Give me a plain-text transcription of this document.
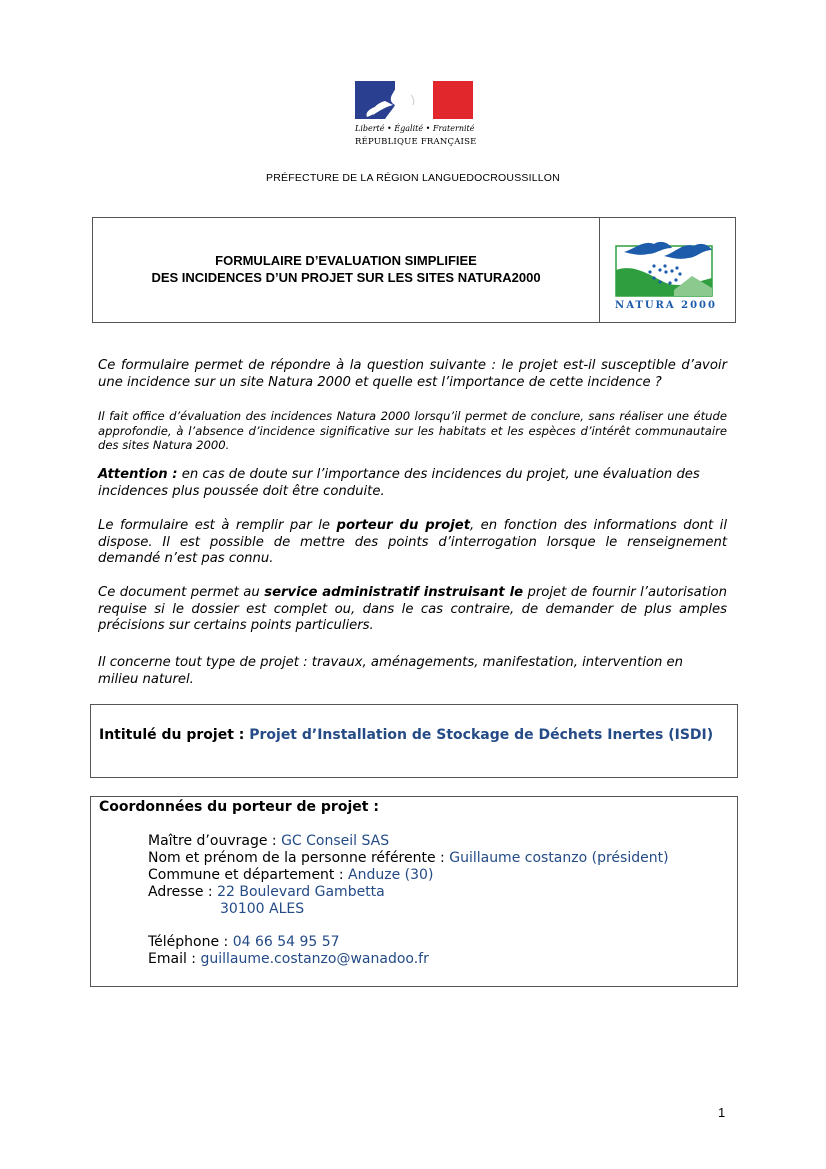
Liberté • Égalité • Fraternité
RÉPUBLIQUE FRANÇAISE
PRÉFECTURE DE LA RÉGION LANGUEDOCROUSSILLON
FORMULAIRE D’EVALUATION SIMPLIFIEE
DES INCIDENCES D’UN PROJET SUR LES SITES NATURA2000
NATURA 2000
Ce formulaire permet de répondre à la question suivante : le projet est-il susceptible d’avoir une incidence sur un site Natura 2000 et quelle est l’importance de cette incidence ?
Il fait office d’évaluation des incidences Natura 2000 lorsqu’il permet de conclure, sans réaliser une étude approfondie, à l’absence d’incidence significative sur les habitats et les espèces d’intérêt communautaire des sites Natura 2000.
Attention : en cas de doute sur l’importance des incidences du projet, une évaluation des incidences plus poussée doit être conduite.
Le formulaire est à remplir par le porteur du projet, en fonction des informations dont il dispose. Il est possible de mettre des points d’interrogation lorsque le renseignement demandé n’est pas connu.
Ce document permet au service administratif instruisant le projet de fournir l’autorisation requise si le dossier est complet ou, dans le cas contraire, de demander de plus amples précisions sur certains points particuliers.
Il concerne tout type de projet : travaux, aménagements, manifestation, intervention en milieu naturel.
Intitulé du projet : Projet d’Installation de Stockage de Déchets Inertes (ISDI)
Coordonnées du porteur de projet :
Maître d’ouvrage : GC Conseil SAS
Nom et prénom de la personne référente : Guillaume costanzo (président)
Commune et département : Anduze (30)
Adresse : 22 Boulevard Gambetta
30100 ALES
Téléphone : 04 66 54 95 57
Email : guillaume.costanzo@wanadoo.fr
1
